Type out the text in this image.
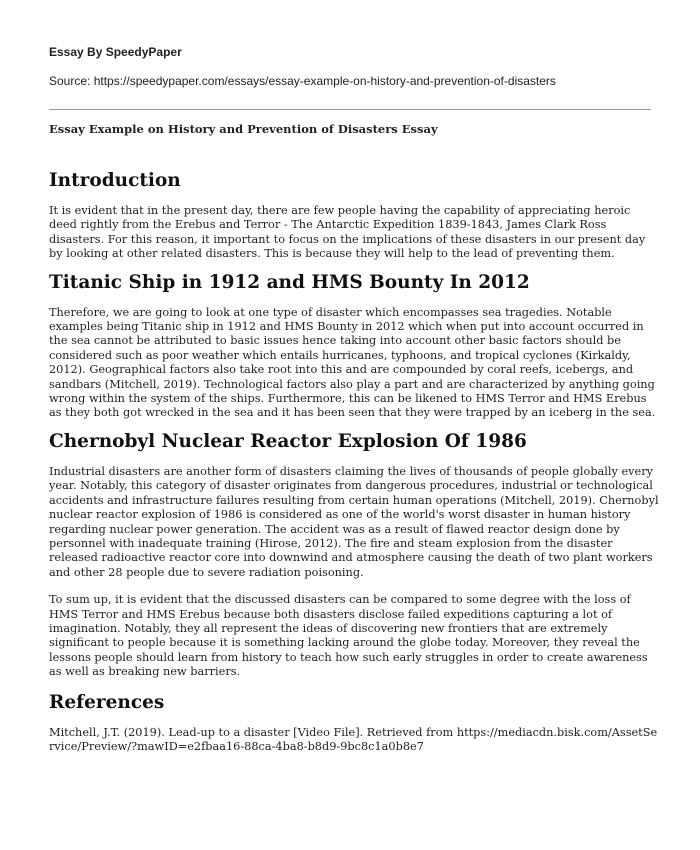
Essay By SpeedyPaper
Source: https://speedypaper.com/essays/essay-example-on-history-and-prevention-of-disasters
Essay Example on History and Prevention of Disasters Essay
Introduction

It is evident that in the present day, there are few people having the capability of appreciating heroic deed rightly from the Erebus and Terror - The Antarctic Expedition 1839-1843, James Clark Ross disasters. For this reason, it important to focus on the implications of these disasters in our present day by looking at other related disasters. This is because they will help to the lead of preventing them.

Titanic Ship in 1912 and HMS Bounty In 2012

Therefore, we are going to look at one type of disaster which encompasses sea tragedies. Notable examples being Titanic ship in 1912 and HMS Bounty in 2012 which when put into account occurred in the sea cannot be attributed to basic issues hence taking into account other basic factors should be considered such as poor weather which entails hurricanes, typhoons, and tropical cyclones (Kirkaldy, 2012). Geographical factors also take root into this and are compounded by coral reefs, icebergs, and sandbars (Mitchell, 2019). Technological factors also play a part and are characterized by anything going wrong within the system of the ships. Furthermore, this can be likened to HMS Terror and HMS Erebus as they both got wrecked in the sea and it has been seen that they were trapped by an iceberg in the sea.

Chernobyl Nuclear Reactor Explosion Of 1986

Industrial disasters are another form of disasters claiming the lives of thousands of people globally every year. Notably, this category of disaster originates from dangerous procedures, industrial or technological accidents and infrastructure failures resulting from certain human operations (Mitchell, 2019). Chernobyl nuclear reactor explosion of 1986 is considered as one of the world's worst disaster in human history regarding nuclear power generation. The accident was as a result of flawed reactor design done by personnel with inadequate training (Hirose, 2012). The fire and steam explosion from the disaster released radioactive reactor core into downwind and atmosphere causing the death of two plant workers and other 28 people due to severe radiation poisoning.

To sum up, it is evident that the discussed disasters can be compared to some degree with the loss of HMS Terror and HMS Erebus because both disasters disclose failed expeditions capturing a lot of imagination. Notably, they all represent the ideas of discovering new frontiers that are extremely significant to people because it is something lacking around the globe today. Moreover, they reveal the lessons people should learn from history to teach how such early struggles in order to create awareness as well as breaking new barriers.

References

Mitchell, J.T. (2019). Lead-up to a disaster [Video File]. Retrieved from https://mediacdn.bisk.com/AssetService/Preview/?mawID=e2fbaa16-88ca-4ba8-b8d9-9bc8c1a0b8e7
